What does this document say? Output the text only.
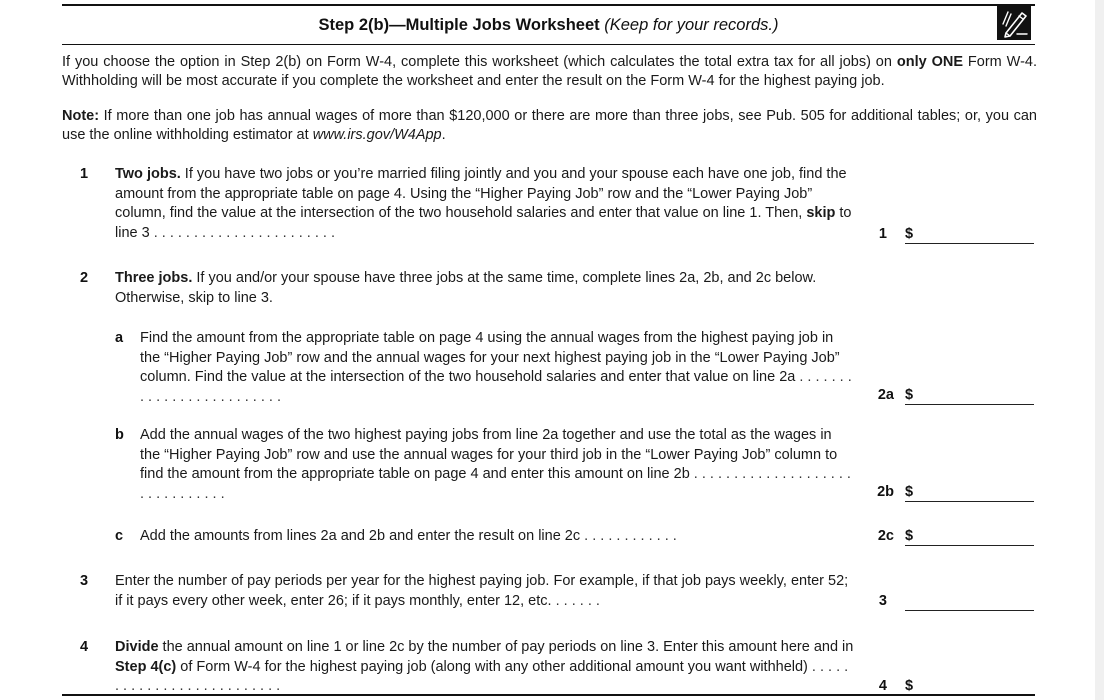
Step 2(b)—Multiple Jobs Worksheet (Keep for your records.)
If you choose the option in Step 2(b) on Form W-4, complete this worksheet (which calculates the total extra tax for all jobs) on only ONE Form W-4. Withholding will be most accurate if you complete the worksheet and enter the result on the Form W-4 for the highest paying job.
Note: If more than one job has annual wages of more than $120,000 or there are more than three jobs, see Pub. 505 for additional tables; or, you can use the online withholding estimator at www.irs.gov/W4App.
1 Two jobs. If you have two jobs or you’re married filing jointly and you and your spouse each have one job, find the amount from the appropriate table on page 4. Using the “Higher Paying Job” row and the “Lower Paying Job” column, find the value at the intersection of the two household salaries and enter that value on line 1. Then, skip to line 3 . . . . . . . . . . . . . . . . . . . . . . .	1 $
2 Three jobs. If you and/or your spouse have three jobs at the same time, complete lines 2a, 2b, and 2c below. Otherwise, skip to line 3.
a Find the amount from the appropriate table on page 4 using the annual wages from the highest paying job in the “Higher Paying Job” row and the annual wages for your next highest paying job in the “Lower Paying Job” column. Find the value at the intersection of the two household salaries and enter that value on line 2a . . . . . . . . . . . . . . . . . . . . . . . . .	2a $
b Add the annual wages of the two highest paying jobs from line 2a together and use the total as the wages in the “Higher Paying Job” row and use the annual wages for your third job in the “Lower Paying Job” column to find the amount from the appropriate table on page 4 and enter this amount on line 2b . . . . . . . . . . . . . . . . . . . . . . . . . . . . . . .	2b $
c Add the amounts from lines 2a and 2b and enter the result on line 2c . . . . . . . . . . . .	2c $
3 Enter the number of pay periods per year for the highest paying job. For example, if that job pays weekly, enter 52; if it pays every other week, enter 26; if it pays monthly, enter 12, etc. . . . . . .	3
4 Divide the annual amount on line 1 or line 2c by the number of pay periods on line 3. Enter this amount here and in Step 4(c) of Form W-4 for the highest paying job (along with any other additional amount you want withheld) . . . . . . . . . . . . . . . . . . . . . . . . . .	4 $
